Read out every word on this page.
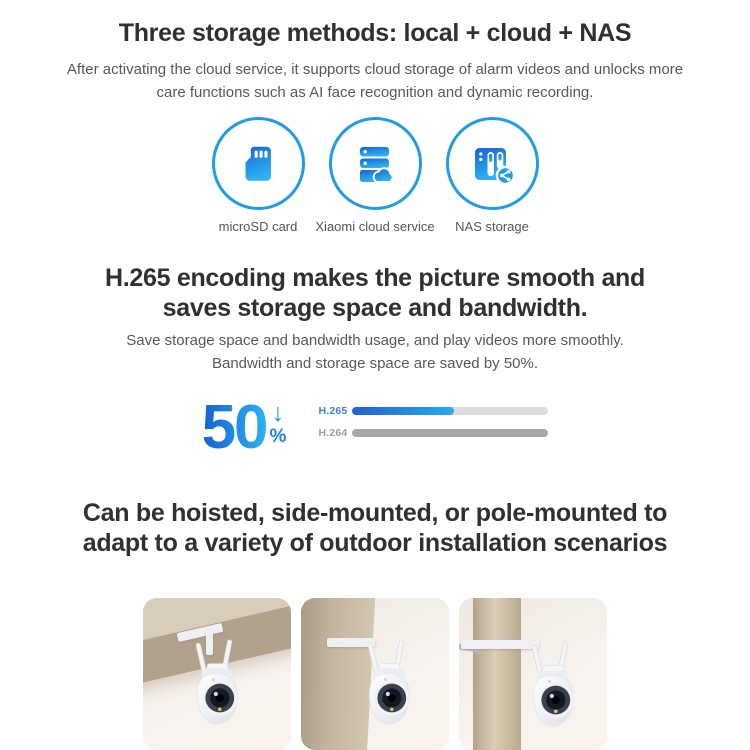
Three storage methods: local + cloud + NAS
After activating the cloud service, it supports cloud storage of alarm videos and unlocks more
care functions such as AI face recognition and dynamic recording.
microSD card Xiaomi cloud service NAS storage
H.265 encoding makes the picture smooth and
saves storage space and bandwidth.
Save storage space and bandwidth usage, and play videos more smoothly.
Bandwidth and storage space are saved by 50%.
50 ↓
%
H.265
H.264
Can be hoisted, side-mounted, or pole-mounted to
adapt to a variety of outdoor installation scenarios
